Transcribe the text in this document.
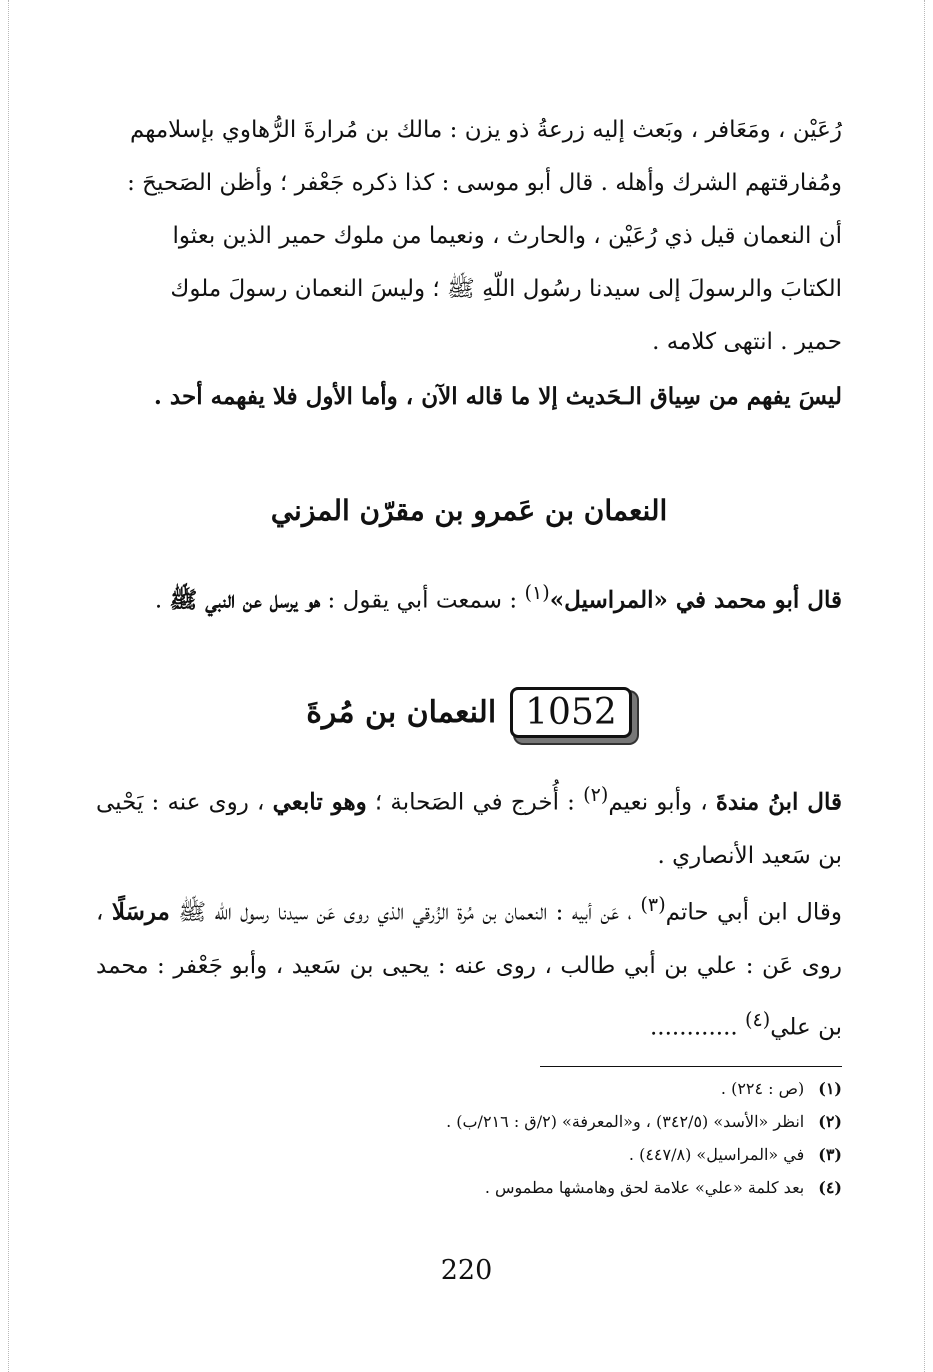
رُعَيْن ، ومَعَافر ، وبَعث إليه زرعةُ ذو يزن : مالك بن مُرارةَ الرُّهاوي بإسلامهم
ومُفارقتهم الشرك وأهله . قال أبو موسى : كذا ذكره جَعْفر ؛ وأظن الصَحيحَ :
أن النعمان قيل ذي رُعَيْن ، والحارث ، ونعيما من ملوك حمير الذين بعثوا
الكتابَ والرسولَ إلى سيدنا رسُول اللّهِ ﷺ ؛ وليسَ النعمان رسولَ ملوك
حمير . انتهى كلامه .

ليسَ يفهم من سِياق الـحَديث إلا ما قاله الآن ، وأما الأول فلا يفهمه أحد .

النعمان بن عَمرو بن مقرّن المزني

قال أبو محمد في «المراسيل»$^{(١)}$ : سمعت أبي يقول : هو يرسل عن النبي ﷺ .

1052
النعمان بن مُرةَ

قال ابنُ مندةَ ، وأبو نعيم$^{(٢)}$ : أُخرج في الصَحابة ؛ وهو تابعي ، روى عنه : يَحْيى بن سَعيد الأنصاري .

وقال ابن أبي حاتم$^{(٣)}$ ، عَن أبيه : النعمان بن مُرة الزُرقي الذي روى عَن سيدنا رسول اللّه ﷺ مرسَلًا ، روى عَن : علي بن أبي طالب ، روى عنه : يحيى بن سَعيد ، وأبو جَعْفر : محمد بن علي$^{(٤)}$ ............

(١)(ص : ٢٢٤) .
(٢)انظر «الأسد» (٣٤٢/٥) ، و«المعرفة» (٢/ق : ٢١٦/ب) .
(٣)في «المراسيل» (٤٤٧/٨) .
(٤)بعد كلمة «علي» علامة لحق وهامشها مطموس .
220
